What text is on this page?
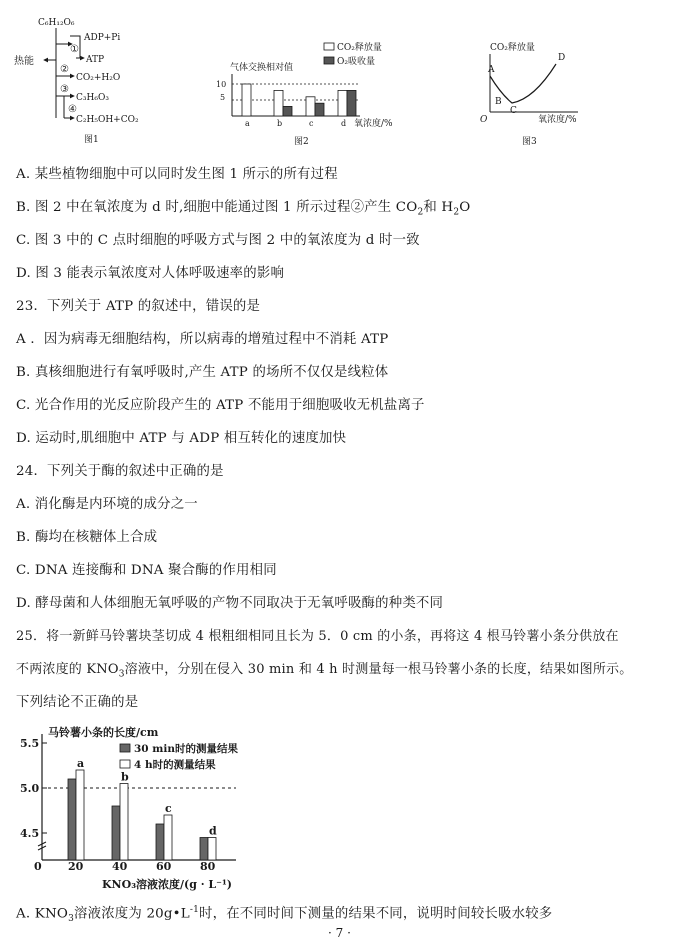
C₆H₁₂O₆
热能
ADP+Pi
①
ATP
②
CO₂+H₂O
③
C₃H₆O₃
④
C₂H₅OH+CO₂
图1
气体交换相对值
CO₂释放量
O₂吸收量
a	b	c	d
5
10
氧浓度/%
图2
CO₂释放量
A
B
C
D
O	氧浓度/%
图3
A. 某些植物细胞中可以同时发生图 1 所示的所有过程
B. 图 2 中在氧浓度为 d 时,细胞中能通过图 1 所示过程②产生 $CO_2$和 $H_2O$
C. 图 3 中的 C 点时细胞的呼吸方式与图 2 中的氧浓度为 d 时一致
D. 图 3 能表示氧浓度对人体呼吸速率的影响
23．下列关于 ATP 的叙述中，错误的是
A ．因为病毒无细胞结构，所以病毒的增殖过程中不消耗 ATP
B. 真核细胞进行有氧呼吸时,产生 ATP 的场所不仅仅是线粒体
C. 光合作用的光反应阶段产生的 ATP 不能用于细胞吸收无机盐离子
D. 运动时,肌细胞中 ATP 与 ADP 相互转化的速度加快
24．下列关于酶的叙述中正确的是
A. 消化酶是内环境的成分之一
B. 酶均在核糖体上合成
C. DNA 连接酶和 DNA 聚合酶的作用相同
D. 酵母菌和人体细胞无氧呼吸的产物不同取决于无氧呼吸酶的种类不同
25．将一新鲜马铃薯块茎切成 4 根粗细相同且长为 5．0 cm 的小条，再将这 4 根马铃薯小条分供放在
不两浓度的 $KNO_3$溶液中，分别在侵入 30 min 和 4 h 时测量每一根马铃薯小条的长度，结果如图所示。
下列结论不正确的是
马铃薯小条的长度/cm
30 min时的测量结果
4 h时的测量结果
a
20
b
40
c
60
d
80
4.5
5.0
5.5
0
KNO₃溶液浓度/(g · L⁻¹)
A. $KNO_3$溶液浓度为 $20g•L^{-1}$时，在不同时间下测量的结果不同，说明时间较长吸水较多
· 7 ·
